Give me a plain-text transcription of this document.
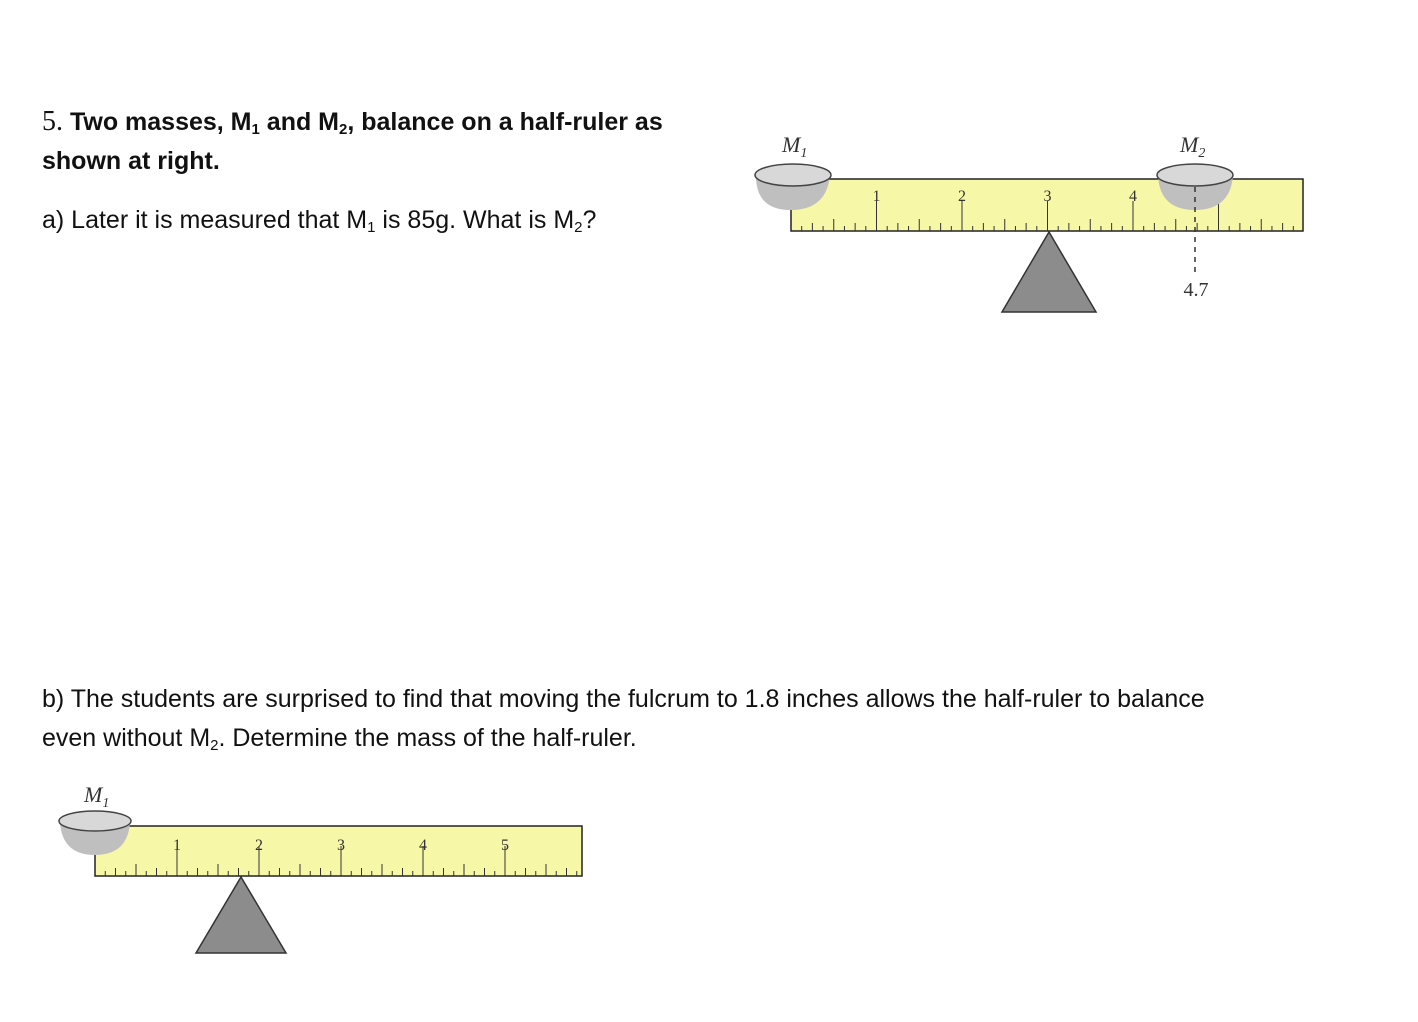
5. Two masses, $M_1$ and $M_2$, balance on a half-ruler as shown at right.
a) Later it is measured that $M_1$ is 85g. What is $M_2$?
b) The students are surprised to find that moving the fulcrum to 1.8 inches allows the half-ruler to balance even without $M_2$. Determine the mass of the half-ruler.
1	2	3	4
4.7
$M_1$	$M_2$
1	2	3	4	5
$M_1$
